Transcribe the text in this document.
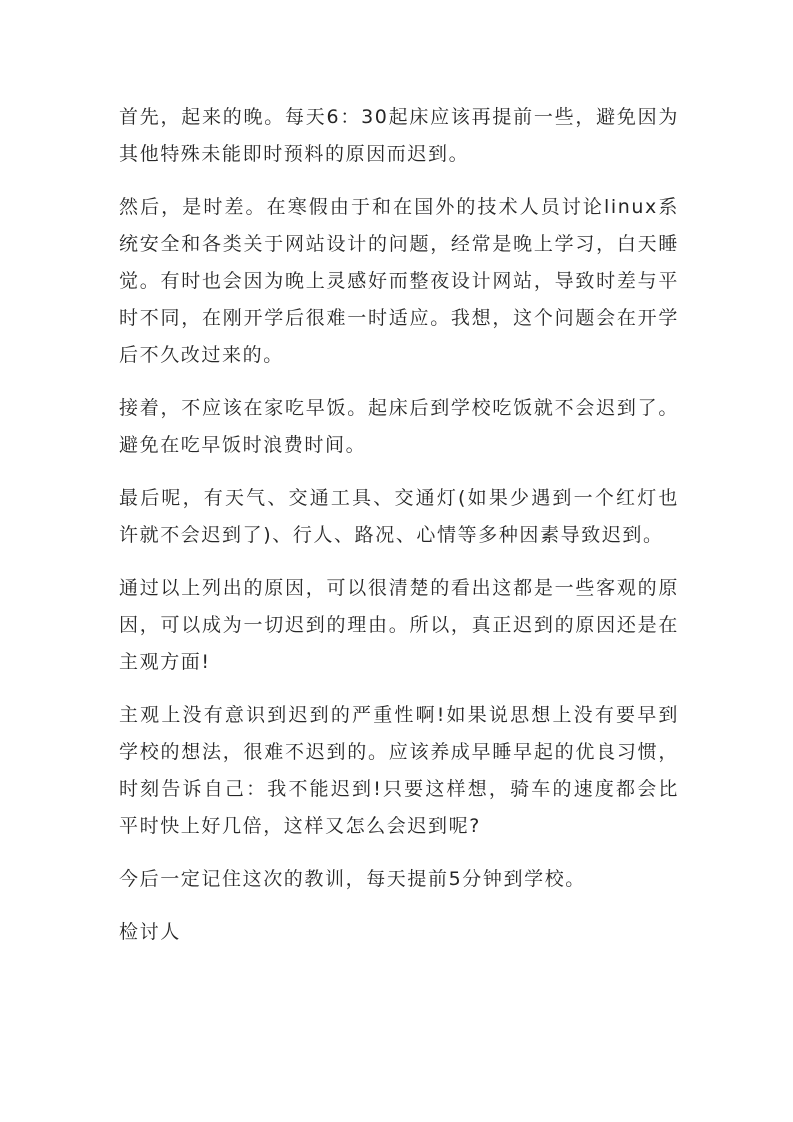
首先，起来的晚。每天6：30起床应该再提前一些，避免因为其他特殊未能即时预料的原因而迟到。

然后，是时差。在寒假由于和在国外的技术人员讨论linux系统安全和各类关于网站设计的问题，经常是晚上学习，白天睡觉。有时也会因为晚上灵感好而整夜设计网站，导致时差与平时不同，在刚开学后很难一时适应。我想，这个问题会在开学后不久改过来的。

接着，不应该在家吃早饭。起床后到学校吃饭就不会迟到了。避免在吃早饭时浪费时间。

最后呢，有天气、交通工具、交通灯(如果少遇到一个红灯也许就不会迟到了)、行人、路况、心情等多种因素导致迟到。

通过以上列出的原因，可以很清楚的看出这都是一些客观的原因，可以成为一切迟到的理由。所以，真正迟到的原因还是在主观方面!

主观上没有意识到迟到的严重性啊!如果说思想上没有要早到学校的想法，很难不迟到的。应该养成早睡早起的优良习惯，时刻告诉自己：我不能迟到!只要这样想，骑车的速度都会比平时快上好几倍，这样又怎么会迟到呢?

今后一定记住这次的教训，每天提前5分钟到学校。

检讨人
